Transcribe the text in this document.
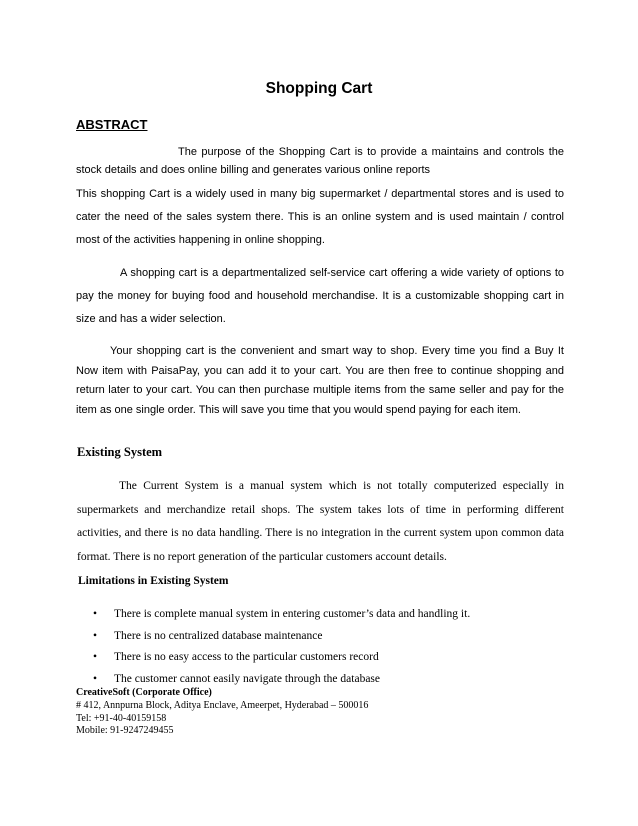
Shopping Cart
ABSTRACT
The purpose of the Shopping Cart is to provide a maintains and controls the stock details and does online billing and generates various online reports
This shopping Cart is a widely used in many big supermarket / departmental stores and is used to cater the need of the sales system there. This is an online system and is used maintain / control most of the activities happening in online shopping.
A shopping cart is a departmentalized self-service cart offering a wide variety of options to pay the money for buying food and household merchandise. It is a customizable shopping cart in size and has a wider selection.
Your shopping cart is the convenient and smart way to shop. Every time you find a Buy It Now item with PaisaPay, you can add it to your cart. You are then free to continue shopping and return later to your cart. You can then purchase multiple items from the same seller and pay for the item as one single order. This will save you time that you would spend paying for each item.
Existing System
The Current System is a manual system which is not totally computerized especially in supermarkets and merchandize retail shops. The system takes lots of time in performing different activities, and there is no data handling. There is no integration in the current system upon common data format. There is no report generation of the particular customers account details.
Limitations in Existing System
• There is complete manual system in entering customer’s data and handling it.
• There is no centralized database maintenance
• There is no easy access to the particular customers record
• The customer cannot easily navigate through the database
CreativeSoft (Corporate Office)
# 412, Annpurna Block, Aditya Enclave, Ameerpet, Hyderabad – 500016
Tel: +91-40-40159158
Mobile: 91-9247249455
